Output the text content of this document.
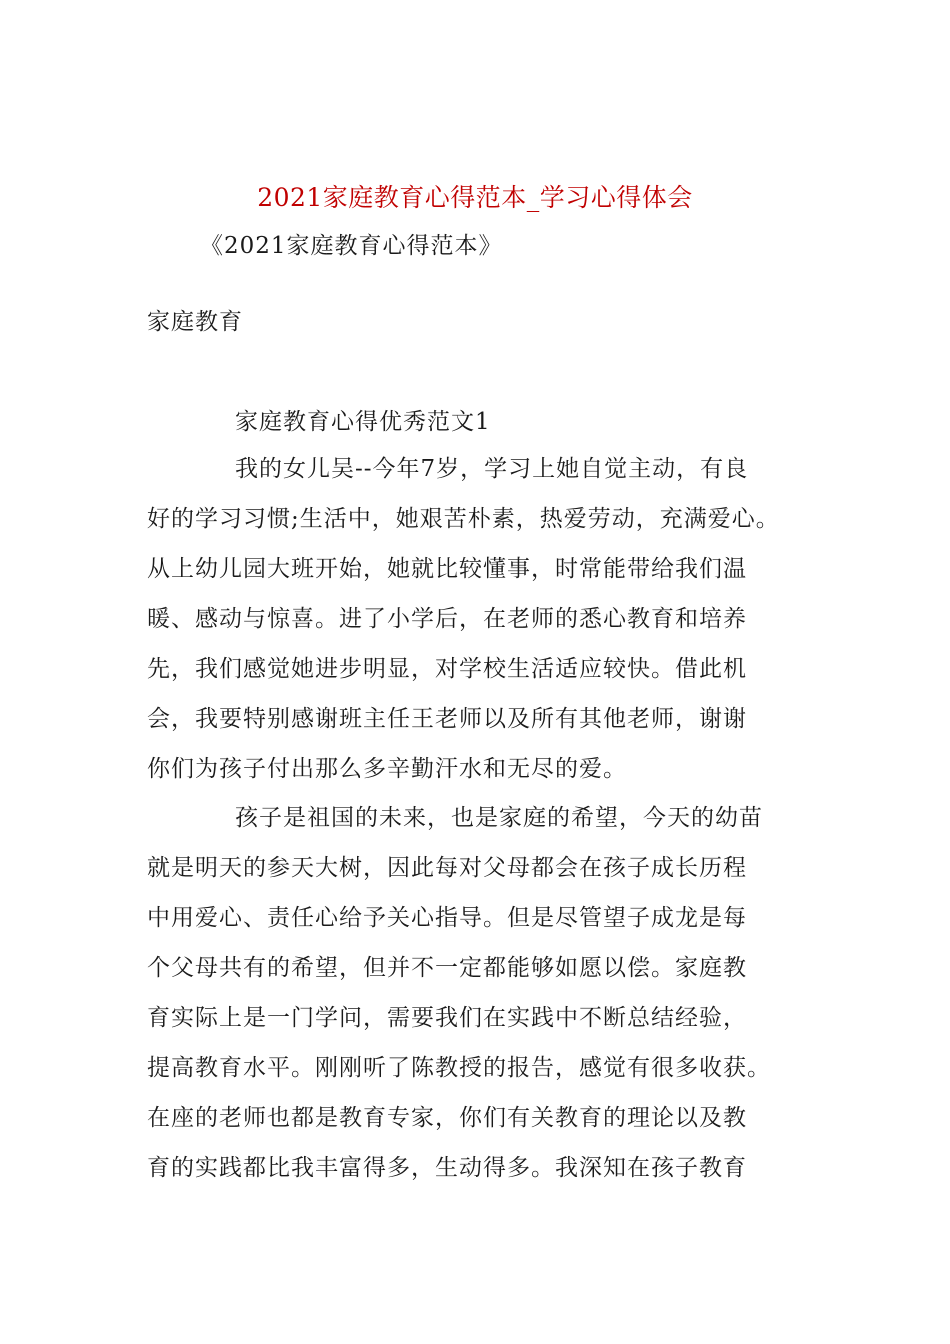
2021家庭教育心得范本_学习心得体会
《2021家庭教育心得范本》
家庭教育
家庭教育心得优秀范文1
我的女儿吴--今年7岁，学习上她自觉主动，有良
好的学习习惯;生活中，她艰苦朴素，热爱劳动，充满爱心。
从上幼儿园大班开始，她就比较懂事，时常能带给我们温
暖、感动与惊喜。进了小学后，在老师的悉心教育和培养
先，我们感觉她进步明显，对学校生活适应较快。借此机
会，我要特别感谢班主任王老师以及所有其他老师，谢谢
你们为孩子付出那么多辛勤汗水和无尽的爱。
孩子是祖国的未来，也是家庭的希望，今天的幼苗
就是明天的参天大树，因此每对父母都会在孩子成长历程
中用爱心、责任心给予关心指导。但是尽管望子成龙是每
个父母共有的希望，但并不一定都能够如愿以偿。家庭教
育实际上是一门学问，需要我们在实践中不断总结经验，
提高教育水平。刚刚听了陈教授的报告，感觉有很多收获。
在座的老师也都是教育专家，你们有关教育的理论以及教
育的实践都比我丰富得多，生动得多。我深知在孩子教育
